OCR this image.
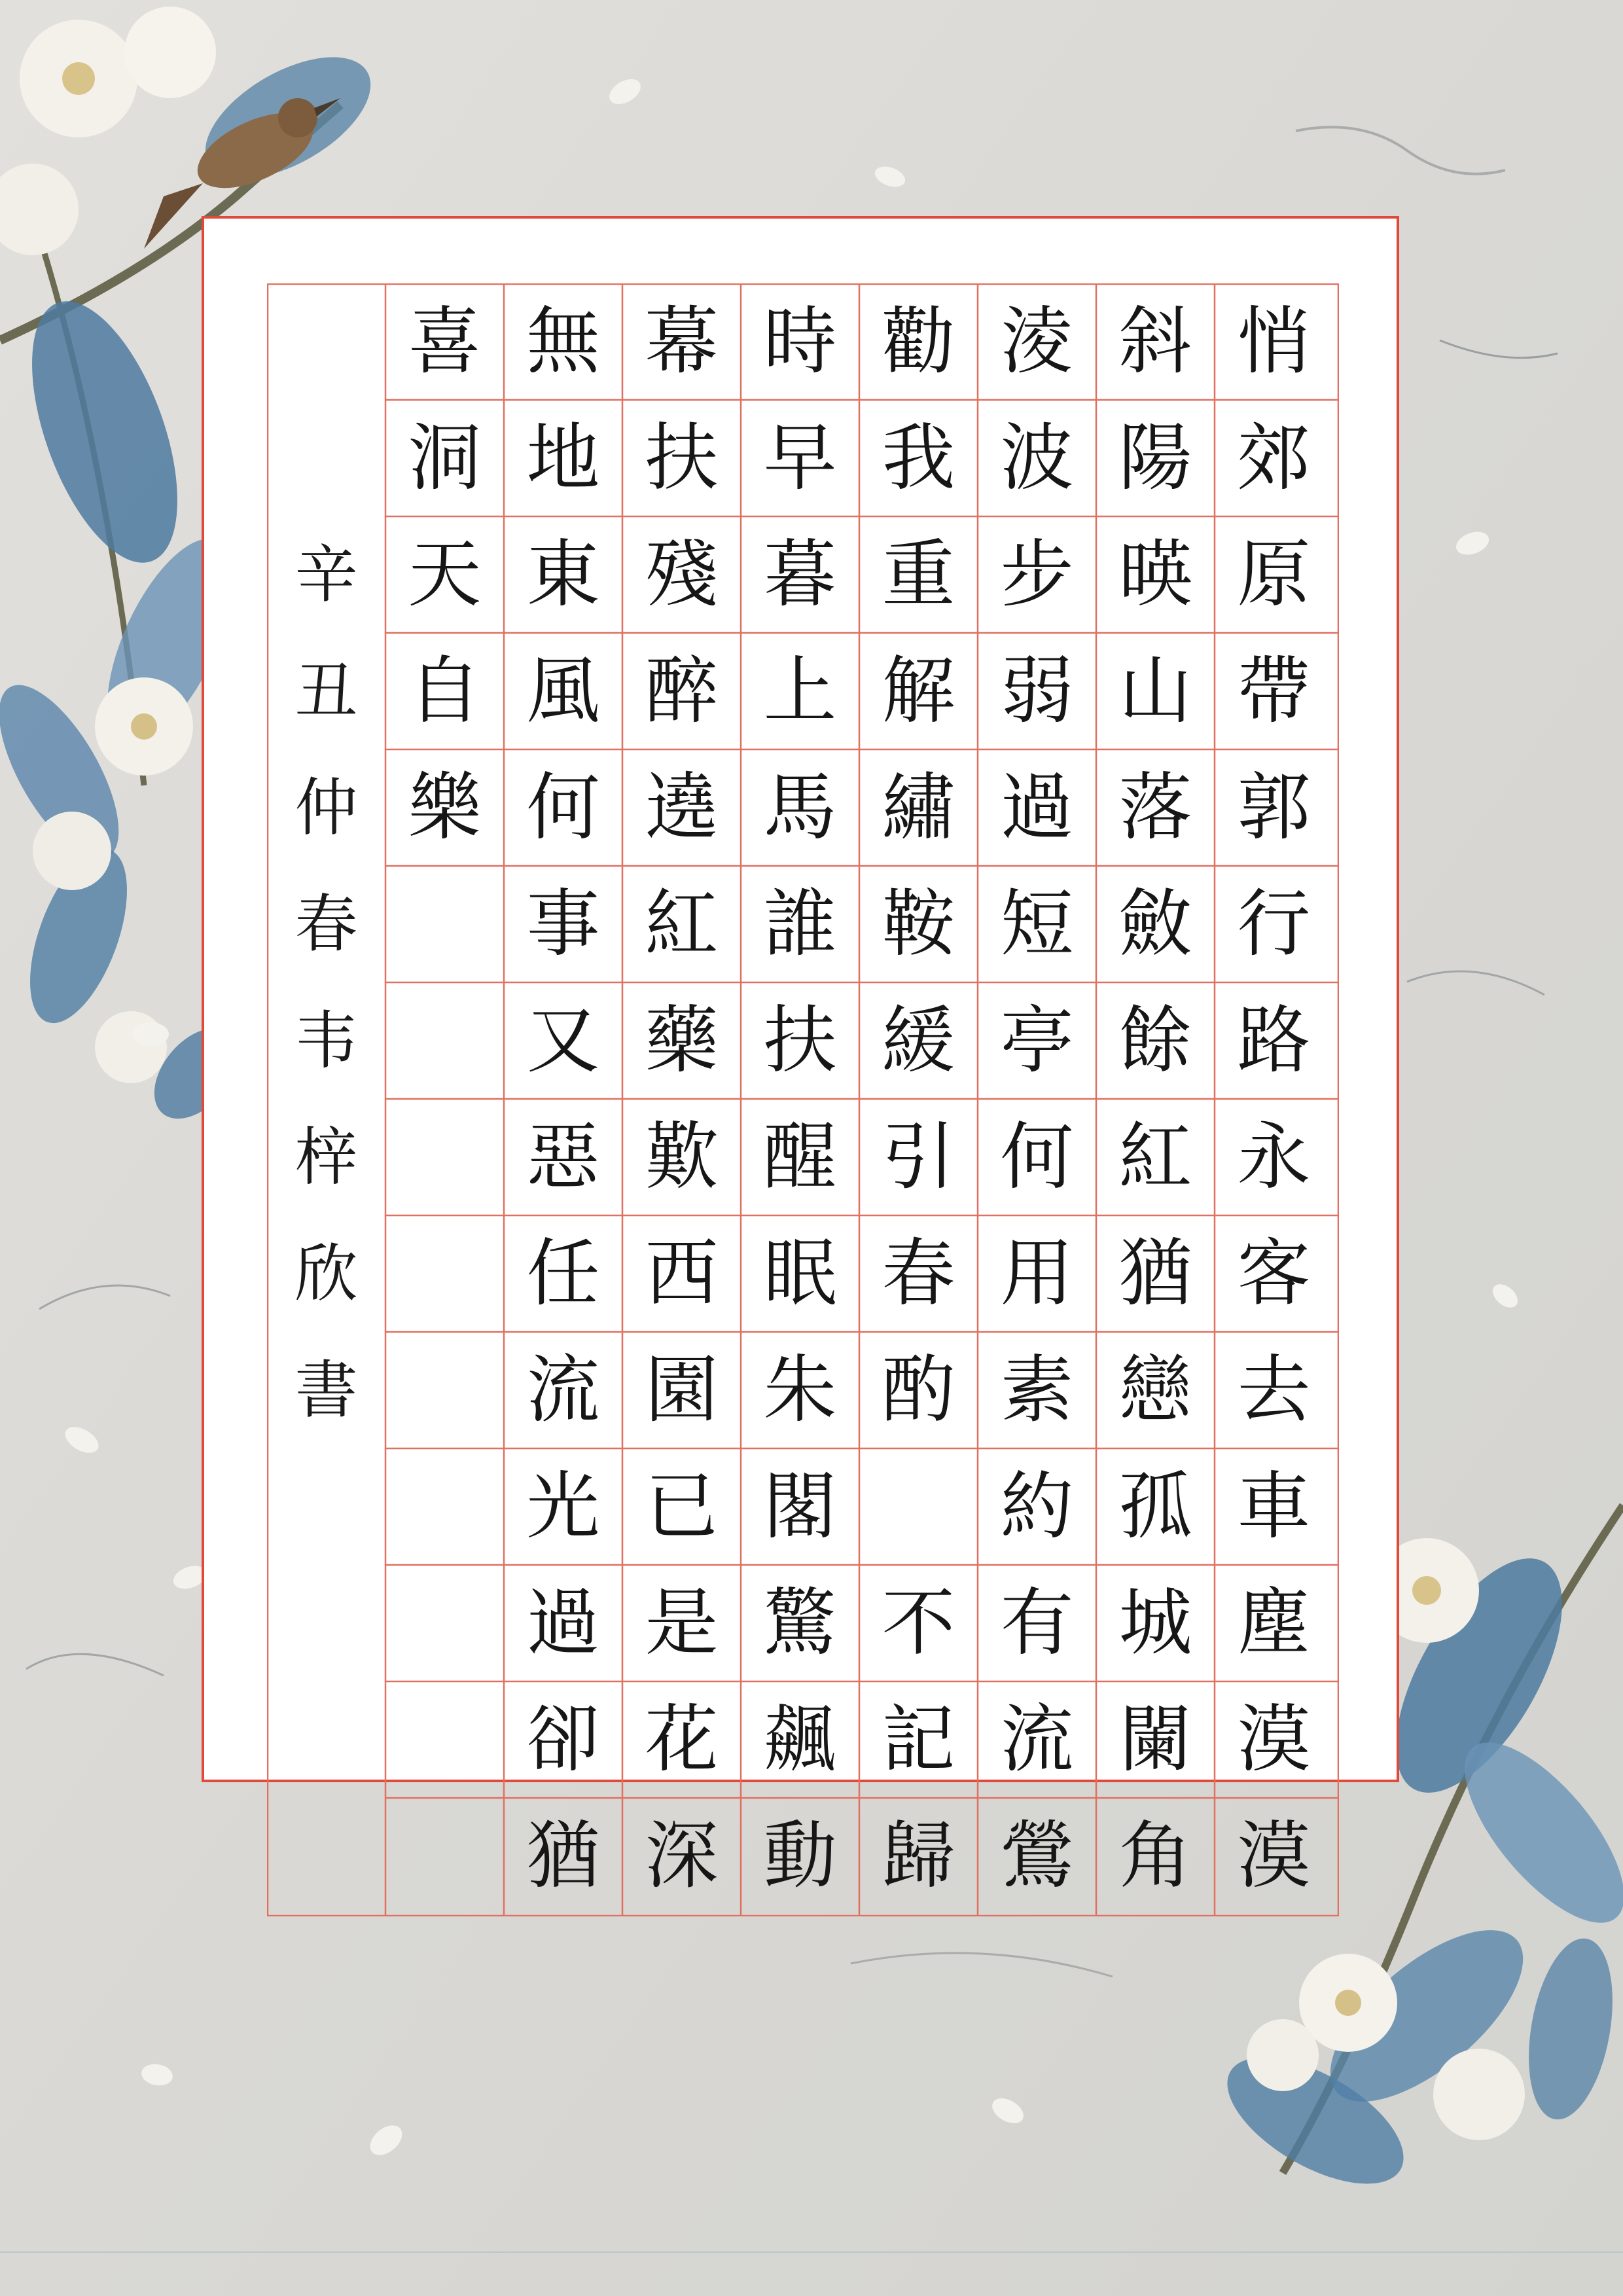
悄
郊
原
帶
郭
行
路
永
客
去
車
塵
漠
漠
斜
陽
暎
山
落
斂
餘
紅
猶
戀
孤
城
闌
角
淩
波
步
弱
過
短
亭
何
用
素
約
有
流
鶯
勸
我
重
解
繡
鞍
緩
引
春
酌
不
記
歸
時
早
暮
上
馬
誰
扶
醒
眠
朱
閣
驚
飆
動
幕
扶
殘
醉
遶
紅
藥
歎
西
園
已
是
花
深
無
地
東
風
何
事
又
惡
任
流
光
過
卻
猶
喜
洞
天
自
樂
辛
丑
仲
春
韦
梓
欣
書
